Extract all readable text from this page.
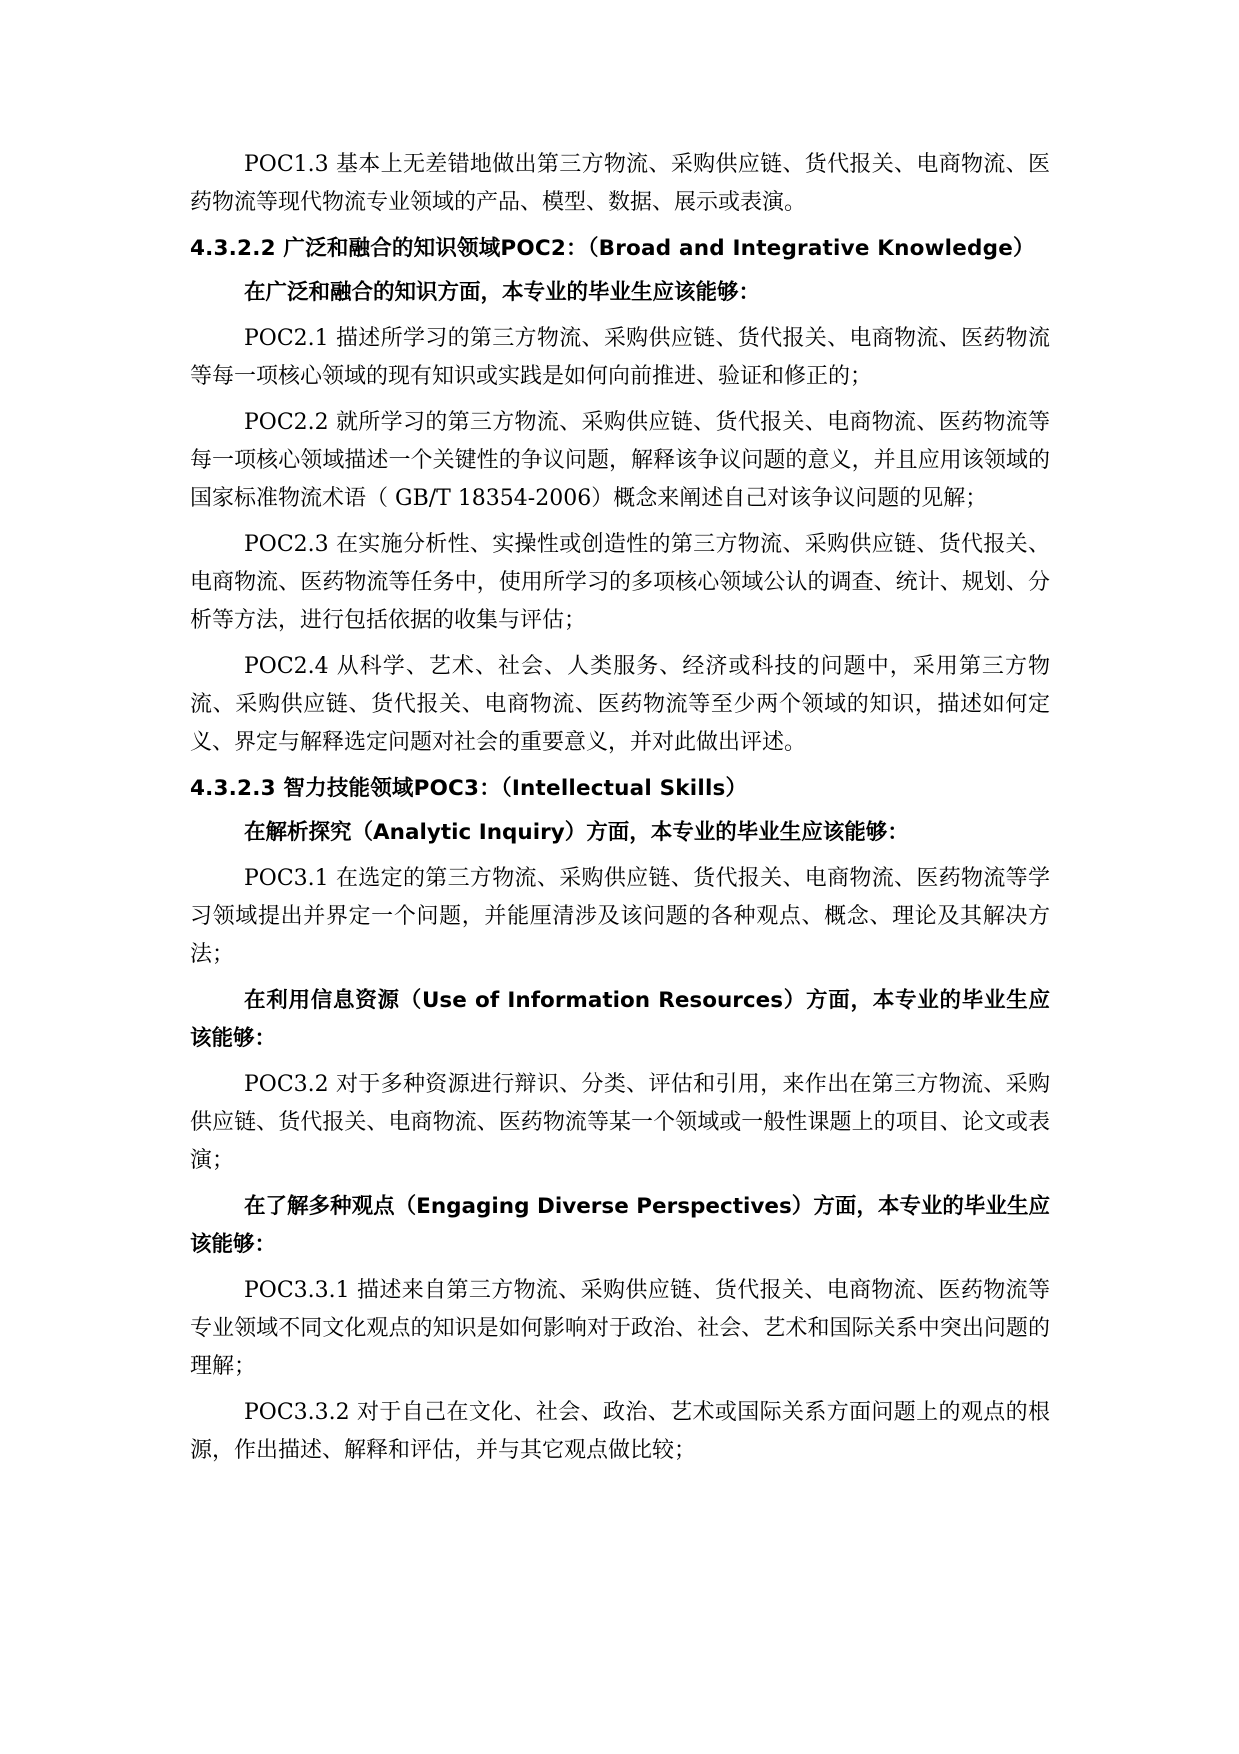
POC1.3 基本上无差错地做出第三方物流、采购供应链、货代报关、电商物流、医药物流等现代物流专业领域的产品、模型、数据、展示或表演。

4.3.2.2 广泛和融合的知识领域POC2：（Broad and Integrative Knowledge）

在广泛和融合的知识方面，本专业的毕业生应该能够：

POC2.1 描述所学习的第三方物流、采购供应链、货代报关、电商物流、医药物流等每一项核心领域的现有知识或实践是如何向前推进、验证和修正的；

POC2.2 就所学习的第三方物流、采购供应链、货代报关、电商物流、医药物流等每一项核心领域描述一个关键性的争议问题，解释该争议问题的意义，并且应用该领域的国家标准物流术语（ GB/T 18354-2006）概念来阐述自己对该争议问题的见解；

POC2.3 在实施分析性、实操性或创造性的第三方物流、采购供应链、货代报关、电商物流、医药物流等任务中，使用所学习的多项核心领域公认的调查、统计、规划、分析等方法，进行包括依据的收集与评估；

POC2.4 从科学、艺术、社会、人类服务、经济或科技的问题中，采用第三方物流、采购供应链、货代报关、电商物流、医药物流等至少两个领域的知识，描述如何定义、界定与解释选定问题对社会的重要意义，并对此做出评述。

4.3.2.3 智力技能领域POC3：（Intellectual Skills）

在解析探究（Analytic Inquiry）方面，本专业的毕业生应该能够：

POC3.1 在选定的第三方物流、采购供应链、货代报关、电商物流、医药物流等学习领域提出并界定一个问题，并能厘清涉及该问题的各种观点、概念、理论及其解决方法；

在利用信息资源（Use of Information Resources）方面，本专业的毕业生应该能够：

POC3.2 对于多种资源进行辩识、分类、评估和引用，来作出在第三方物流、采购供应链、货代报关、电商物流、医药物流等某一个领域或一般性课题上的项目、论文或表演；

在了解多种观点（Engaging Diverse Perspectives）方面，本专业的毕业生应该能够：

POC3.3.1 描述来自第三方物流、采购供应链、货代报关、电商物流、医药物流等专业领域不同文化观点的知识是如何影响对于政治、社会、艺术和国际关系中突出问题的理解；

POC3.3.2 对于自己在文化、社会、政治、艺术或国际关系方面问题上的观点的根源，作出描述、解释和评估，并与其它观点做比较；
